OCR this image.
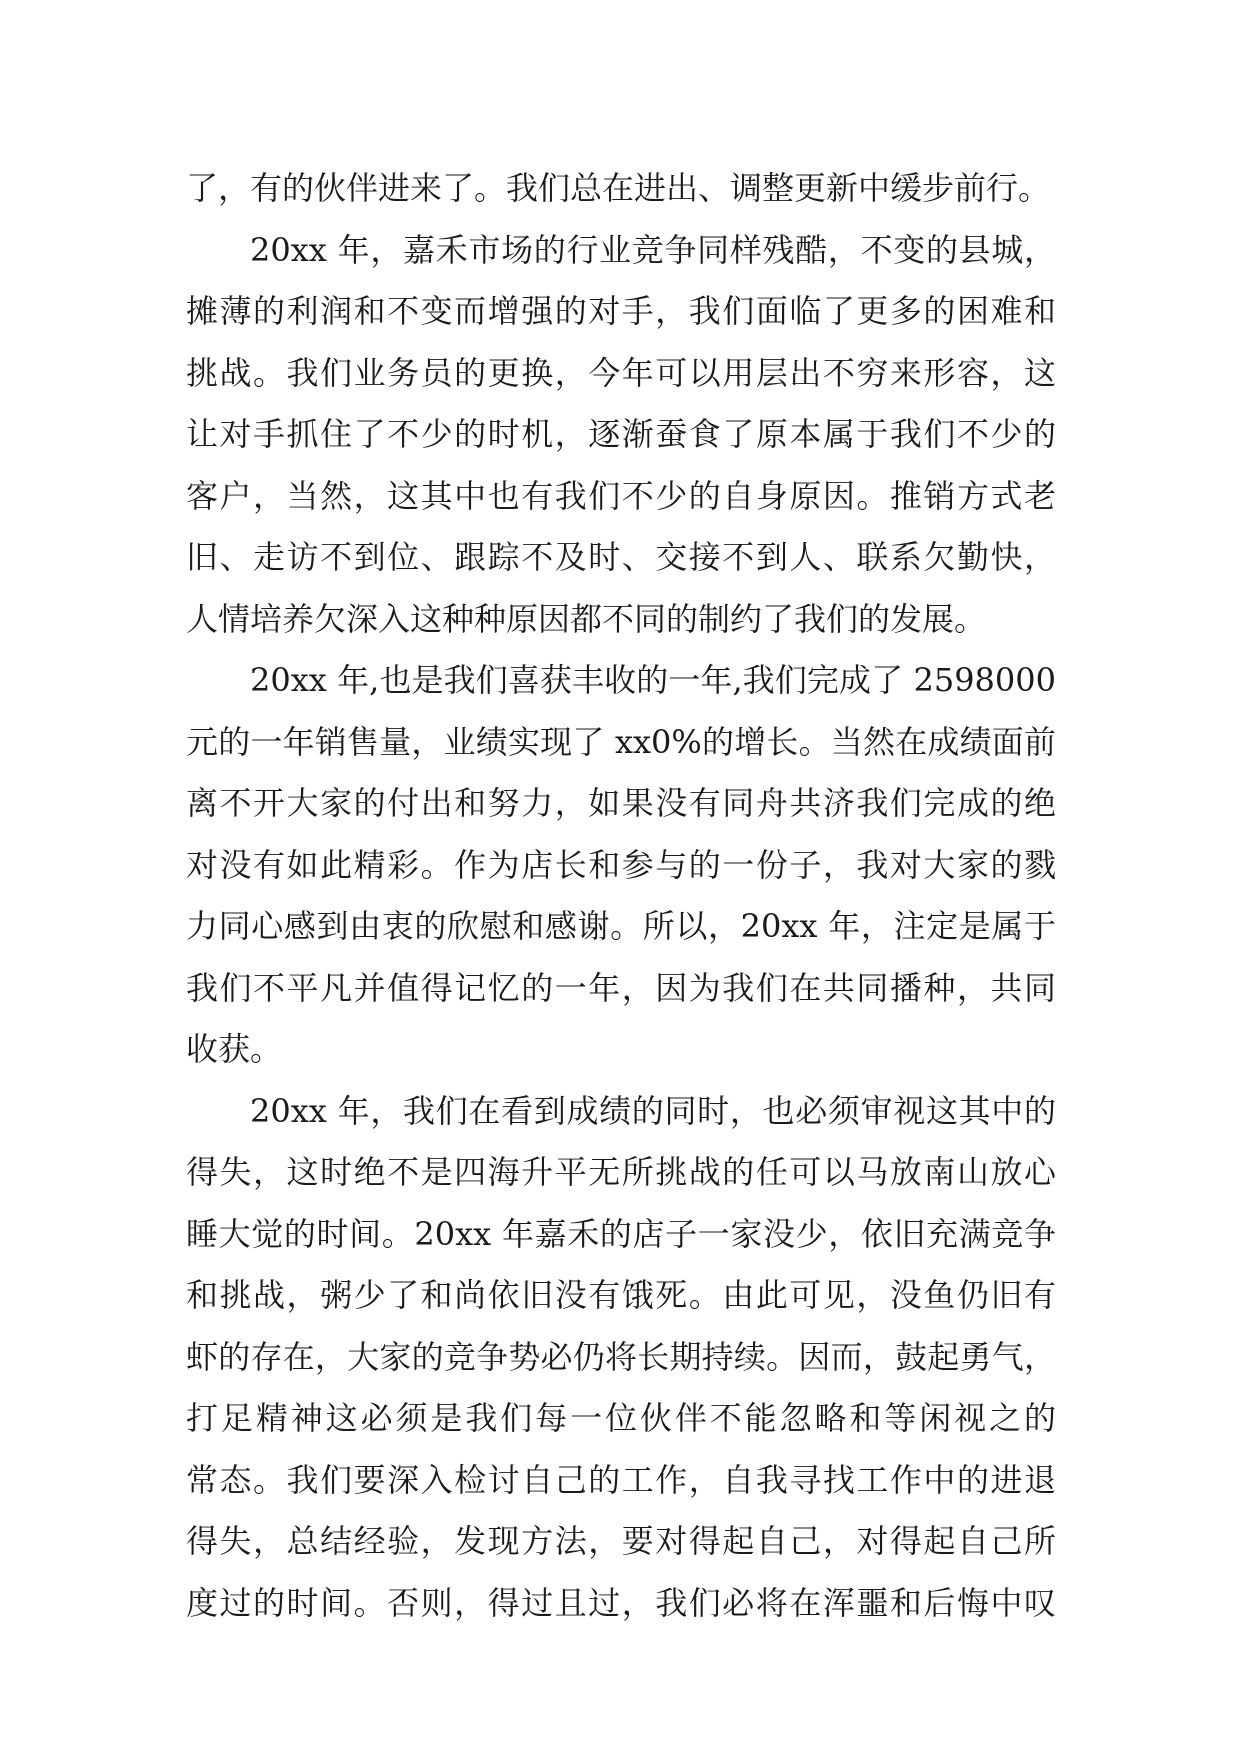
了，有的伙伴进来了。我们总在进出、调整更新中缓步前行。
20xx 年，嘉禾市场的行业竞争同样残酷，不变的县城，
摊薄的利润和不变而增强的对手，我们面临了更多的困难和
挑战。我们业务员的更换，今年可以用层出不穷来形容，这
让对手抓住了不少的时机，逐渐蚕食了原本属于我们不少的
客户，当然，这其中也有我们不少的自身原因。推销方式老
旧、走访不到位、跟踪不及时、交接不到人、联系欠勤快，
人情培养欠深入这种种原因都不同的制约了我们的发展。
20xx 年,也是我们喜获丰收的一年,我们完成了 2598000
元的一年销售量，业绩实现了 xx0%的增长。当然在成绩面前
离不开大家的付出和努力，如果没有同舟共济我们完成的绝
对没有如此精彩。作为店长和参与的一份子，我对大家的戮
力同心感到由衷的欣慰和感谢。所以，20xx 年，注定是属于
我们不平凡并值得记忆的一年，因为我们在共同播种，共同
收获。
20xx 年，我们在看到成绩的同时，也必须审视这其中的
得失，这时绝不是四海升平无所挑战的任可以马放南山放心
睡大觉的时间。20xx 年嘉禾的店子一家没少，依旧充满竞争
和挑战，粥少了和尚依旧没有饿死。由此可见，没鱼仍旧有
虾的存在，大家的竞争势必仍将长期持续。因而，鼓起勇气，
打足精神这必须是我们每一位伙伴不能忽略和等闲视之的
常态。我们要深入检讨自己的工作，自我寻找工作中的进退
得失，总结经验，发现方法，要对得起自己，对得起自己所
度过的时间。否则，得过且过，我们必将在浑噩和后悔中叹
